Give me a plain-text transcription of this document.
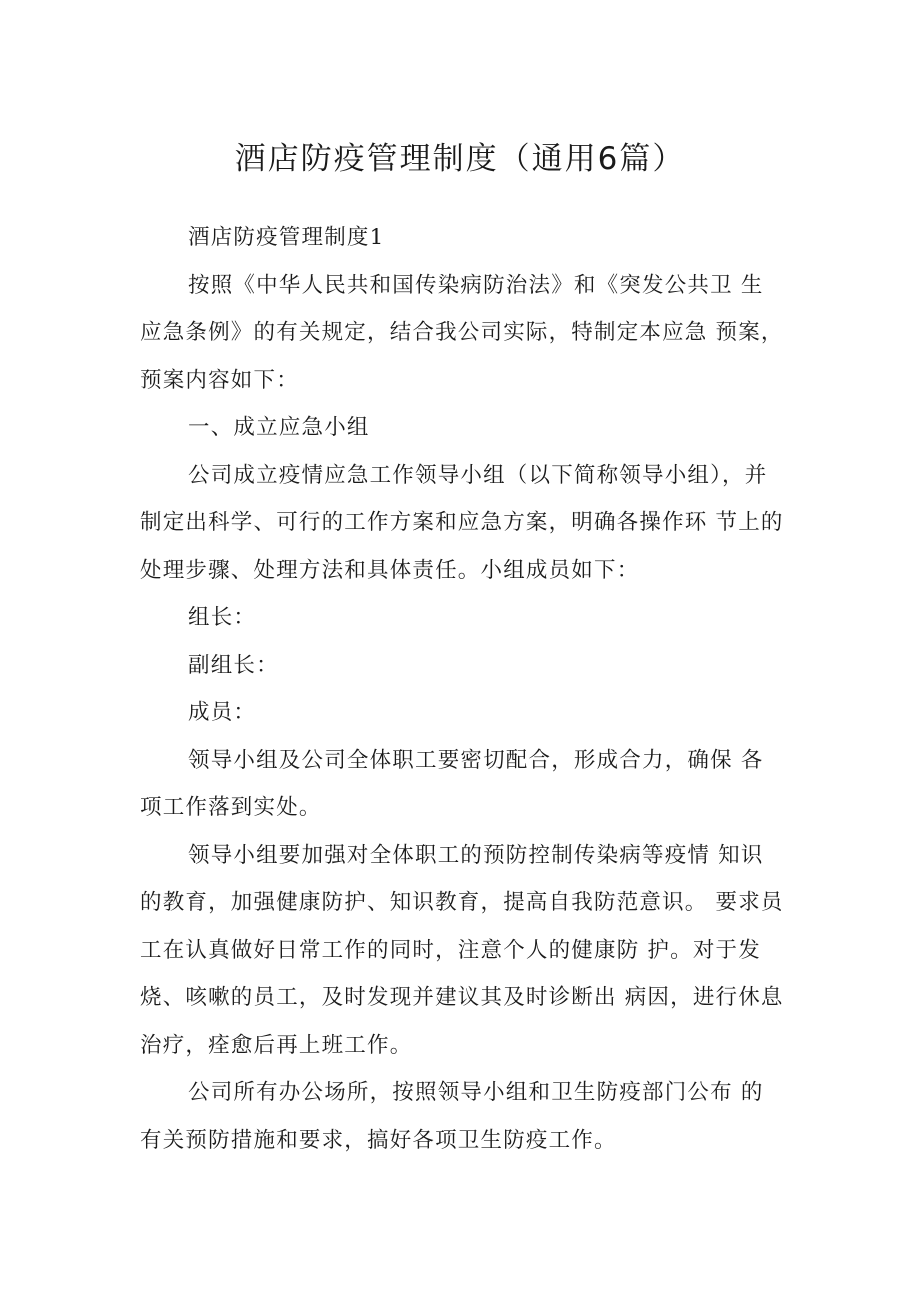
酒店防疫管理制度（通用6篇）

酒店防疫管理制度1

按照《中华人民共和国传染病防治法》和《突发公共卫 生应急条例》的有关规定，结合我公司实际，特制定本应急 预案，预案内容如下：

一、成立应急小组

公司成立疫情应急工作领导小组（以下简称领导小组），并制定出科学、可行的工作方案和应急方案，明确各操作环 节上的处理步骤、处理方法和具体责任。小组成员如下：

组长：

副组长：

成员：

领导小组及公司全体职工要密切配合，形成合力，确保 各项工作落到实处。

领导小组要加强对全体职工的预防控制传染病等疫情 知识的教育，加强健康防护、知识教育，提高自我防范意识。 要求员工在认真做好日常工作的同时，注意个人的健康防 护。对于发烧、咳嗽的员工，及时发现并建议其及时诊断出 病因，进行休息治疗，痊愈后再上班工作。

公司所有办公场所，按照领导小组和卫生防疫部门公布 的有关预防措施和要求，搞好各项卫生防疫工作。
